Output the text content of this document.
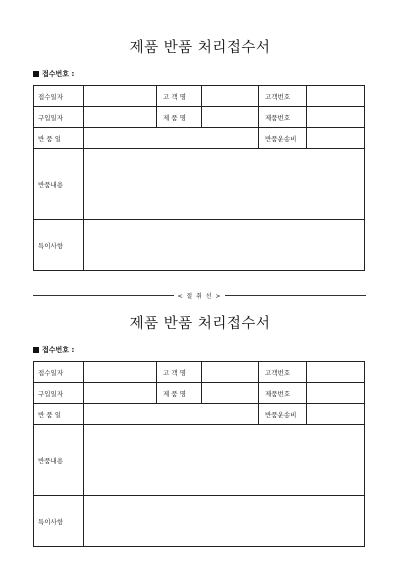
제품 반품 처리접수서
접수번호 :
접수일자		고 객 명		고객번호	
구입일자		제 품 명		제품번호	
반 품 일				반품운송비	
반품내용					
특이사항					
< 절 취 선 >
제품 반품 처리접수서
접수번호 :
접수일자		고 객 명		고객번호	
구입일자		제 품 명		제품번호	
반 품 일				반품운송비	
반품내용					
특이사항					
